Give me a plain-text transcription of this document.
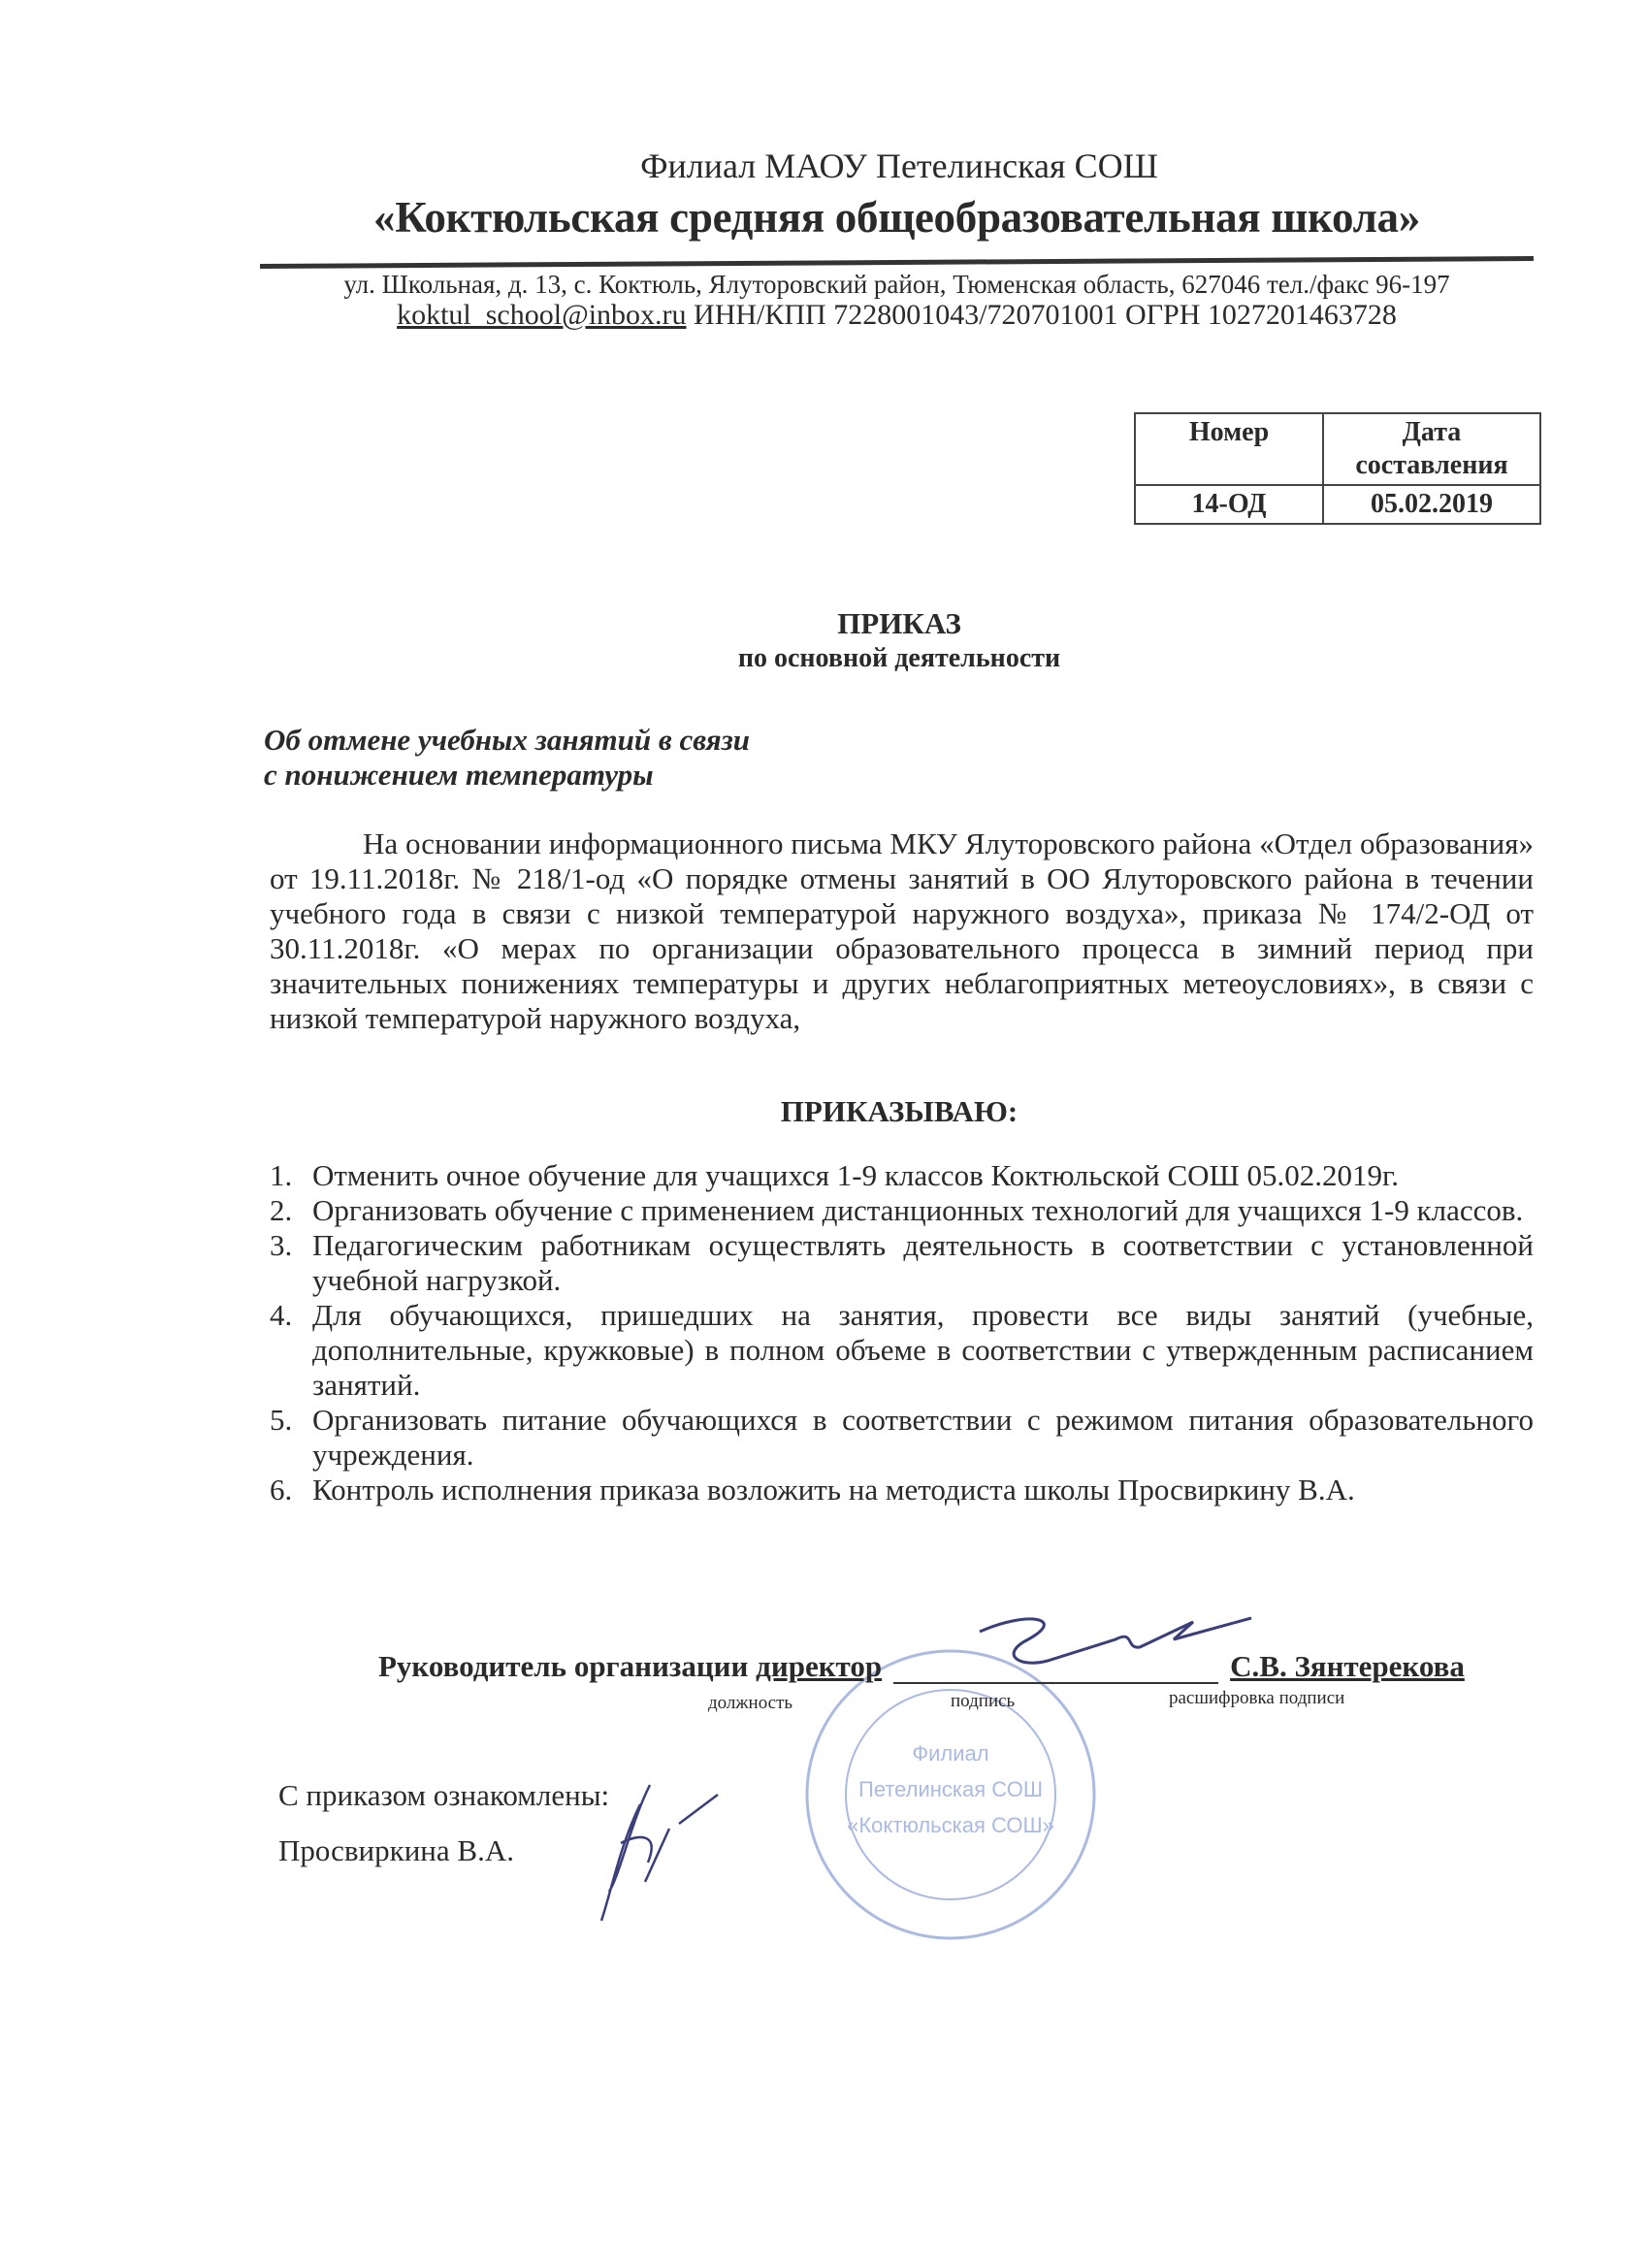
Филиал МАОУ Петелинская СОШ
«Коктюльская средняя общеобразовательная школа»
ул. Школьная, д. 13, с. Коктюль, Ялуторовский район, Тюменская область, 627046 тел./факс 96-197
koktul_school@inbox.ru ИНН/КПП 7228001043/720701001 ОГРН 1027201463728
Номер	Дата составления
14-ОД	05.02.2019
ПРИКАЗ
по основной деятельности
Об отмене учебных занятий в связи
с понижением температуры
На основании информационного письма МКУ Ялуторовского района «Отдел образования» от 19.11.2018г. № 218/1-од «О порядке отмены занятий в ОО Ялуторовского района в течении учебного года в связи с низкой температурой наружного воздуха», приказа № 174/2-ОД от 30.11.2018г. «О мерах по организации образовательного процесса в зимний период при значительных понижениях температуры и других неблагоприятных метеоусловиях», в связи с низкой температурой наружного воздуха,
ПРИКАЗЫВАЮ:
1. Отменить очное обучение для учащихся 1-9 классов Коктюльской СОШ 05.02.2019г.
2. Организовать обучение с применением дистанционных технологий для учащихся 1-9 классов.
3. Педагогическим работникам осуществлять деятельность в соответствии с установленной учебной нагрузкой.
4. Для обучающихся, пришедших на занятия, провести все виды занятий (учебные, дополнительные, кружковые) в полном объеме в соответствии с утвержденным расписанием занятий.
5. Организовать питание обучающихся в соответствии с режимом питания образовательного учреждения.
6. Контроль исполнения приказа возложить на методиста школы Просвиркину В.А.
Филиал
Петелинская СОШ
«Коктюльская СОШ»
Руководитель организации директор	С.В. Зянтерекова
должность	подпись	расшифровка подписи
С приказом ознакомлены:
Просвиркина В.А.
